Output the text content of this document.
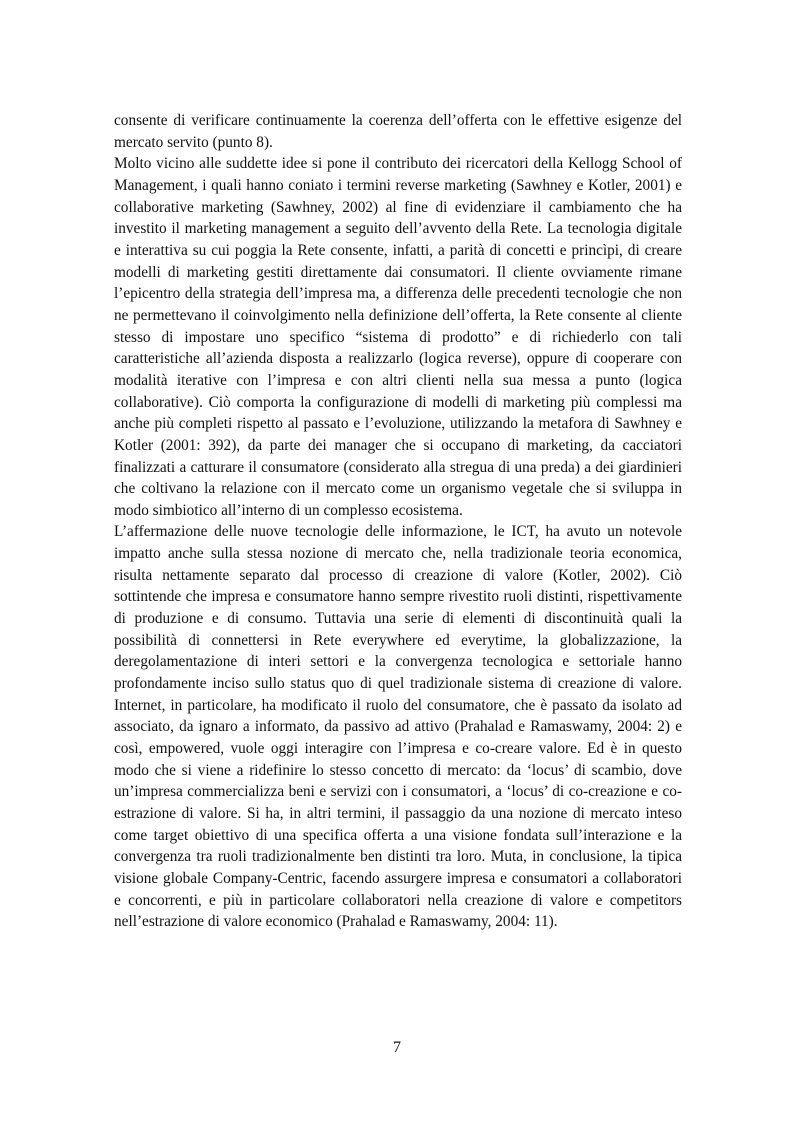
consente di verificare continuamente la coerenza dell’offerta con le effettive esigenze del mercato servito (punto 8).

Molto vicino alle suddette idee si pone il contributo dei ricercatori della Kellogg School of Management, i quali hanno coniato i termini reverse marketing (Sawhney e Kotler, 2001) e collaborative marketing (Sawhney, 2002) al fine di evidenziare il cambiamento che ha investito il marketing management a seguito dell’avvento della Rete. La tecnologia digitale e interattiva su cui poggia la Rete consente, infatti, a parità di concetti e princìpi, di creare modelli di marketing gestiti direttamente dai consumatori. Il cliente ovviamente rimane l’epicentro della strategia dell’impresa ma, a differenza delle precedenti tecnologie che non ne permettevano il coinvolgimento nella definizione dell’offerta, la Rete consente al cliente stesso di impostare uno specifico “sistema di prodotto” e di richiederlo con tali caratteristiche all’azienda disposta a realizzarlo (logica reverse), oppure di cooperare con modalità iterative con l’impresa e con altri clienti nella sua messa a punto (logica collaborative). Ciò comporta la configurazione di modelli di marketing più complessi ma anche più completi rispetto al passato e l’evoluzione, utilizzando la metafora di Sawhney e Kotler (2001: 392), da parte dei manager che si occupano di marketing, da cacciatori finalizzati a catturare il consumatore (considerato alla stregua di una preda) a dei giardinieri che coltivano la relazione con il mercato come un organismo vegetale che si sviluppa in modo simbiotico all’interno di un complesso ecosistema.

L’affermazione delle nuove tecnologie delle informazione, le ICT, ha avuto un notevole impatto anche sulla stessa nozione di mercato che, nella tradizionale teoria economica, risulta nettamente separato dal processo di creazione di valore (Kotler, 2002). Ciò sottintende che impresa e consumatore hanno sempre rivestito ruoli distinti, rispettivamente di produzione e di consumo. Tuttavia una serie di elementi di discontinuità quali la possibilità di connettersi in Rete everywhere ed everytime, la globalizzazione, la deregolamentazione di interi settori e la convergenza tecnologica e settoriale hanno profondamente inciso sullo status quo di quel tradizionale sistema di creazione di valore. Internet, in particolare, ha modificato il ruolo del consumatore, che è passato da isolato ad associato, da ignaro a informato, da passivo ad attivo (Prahalad e Ramaswamy, 2004: 2) e così, empowered, vuole oggi interagire con l’impresa e co-creare valore. Ed è in questo modo che si viene a ridefinire lo stesso concetto di mercato: da ‘locus’ di scambio, dove un’impresa commercializza beni e servizi con i consumatori, a ‘locus’ di co-creazione e co-estrazione di valore. Si ha, in altri termini, il passaggio da una nozione di mercato inteso come target obiettivo di una specifica offerta a una visione fondata sull’interazione e la convergenza tra ruoli tradizionalmente ben distinti tra loro. Muta, in conclusione, la tipica visione globale Company-Centric, facendo assurgere impresa e consumatori a collaboratori e concorrenti, e più in particolare collaboratori nella creazione di valore e competitors nell’estrazione di valore economico (Prahalad e Ramaswamy, 2004: 11).

7
